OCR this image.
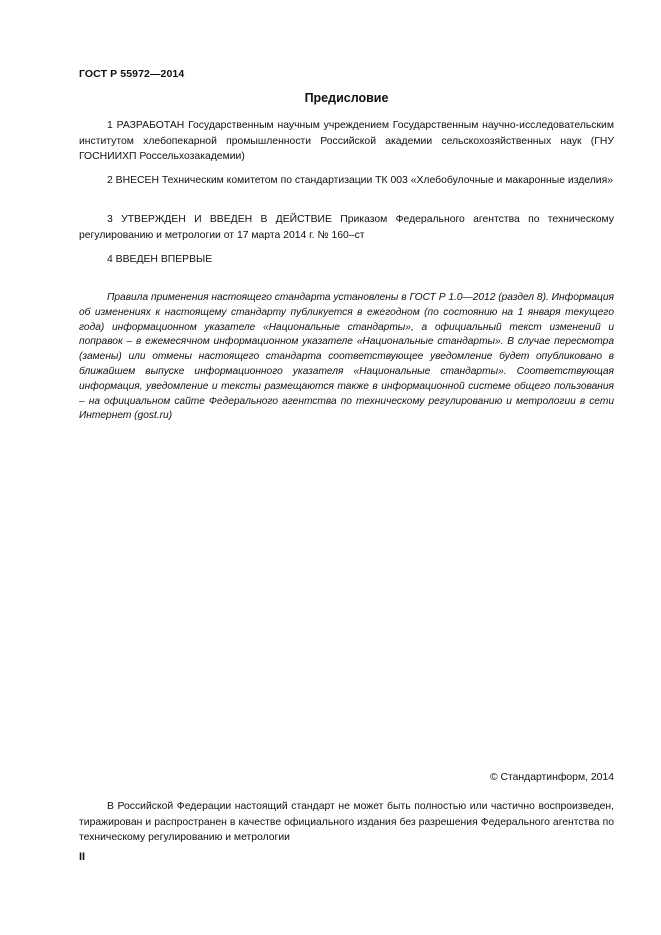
ГОСТ Р 55972—2014
Предисловие
1 РАЗРАБОТАН Государственным научным учреждением Государственным научно-исследовательским институтом хлебопекарной промышленности Российской академии сельскохозяйственных наук (ГНУ ГОСНИИХП Россельхозакадемии)
2 ВНЕСЕН Техническим комитетом по стандартизации ТК 003 «Хлебобулочные и макаронные изделия»
3 УТВЕРЖДЕН И ВВЕДЕН В ДЕЙСТВИЕ Приказом Федерального агентства по техническому регулированию и метрологии от 17 марта 2014 г. № 160–ст
4 ВВЕДЕН ВПЕРВЫЕ
Правила применения настоящего стандарта установлены в ГОСТ Р 1.0—2012 (раздел 8). Информация об изменениях к настоящему стандарту публикуется в ежегодном (по состоянию на 1 января текущего года) информационном указателе «Национальные стандарты», а официальный текст изменений и поправок – в ежемесячном информационном указателе «Национальные стандарты». В случае пересмотра (замены) или отмены настоящего стандарта соответствующее уведомление будет опубликовано в ближайшем выпуске информационного указателя «Национальные стандарты». Соответствующая информация, уведомление и тексты размещаются также в информационной системе общего пользования – на официальном сайте Федерального агентства по техническому регулированию и метрологии в сети Интернет (gost.ru)
© Стандартинформ, 2014
В Российской Федерации настоящий стандарт не может быть полностью или частично воспроизведен, тиражирован и распространен в качестве официального издания без разрешения Федерального агентства по техническому регулированию и метрологии
II
